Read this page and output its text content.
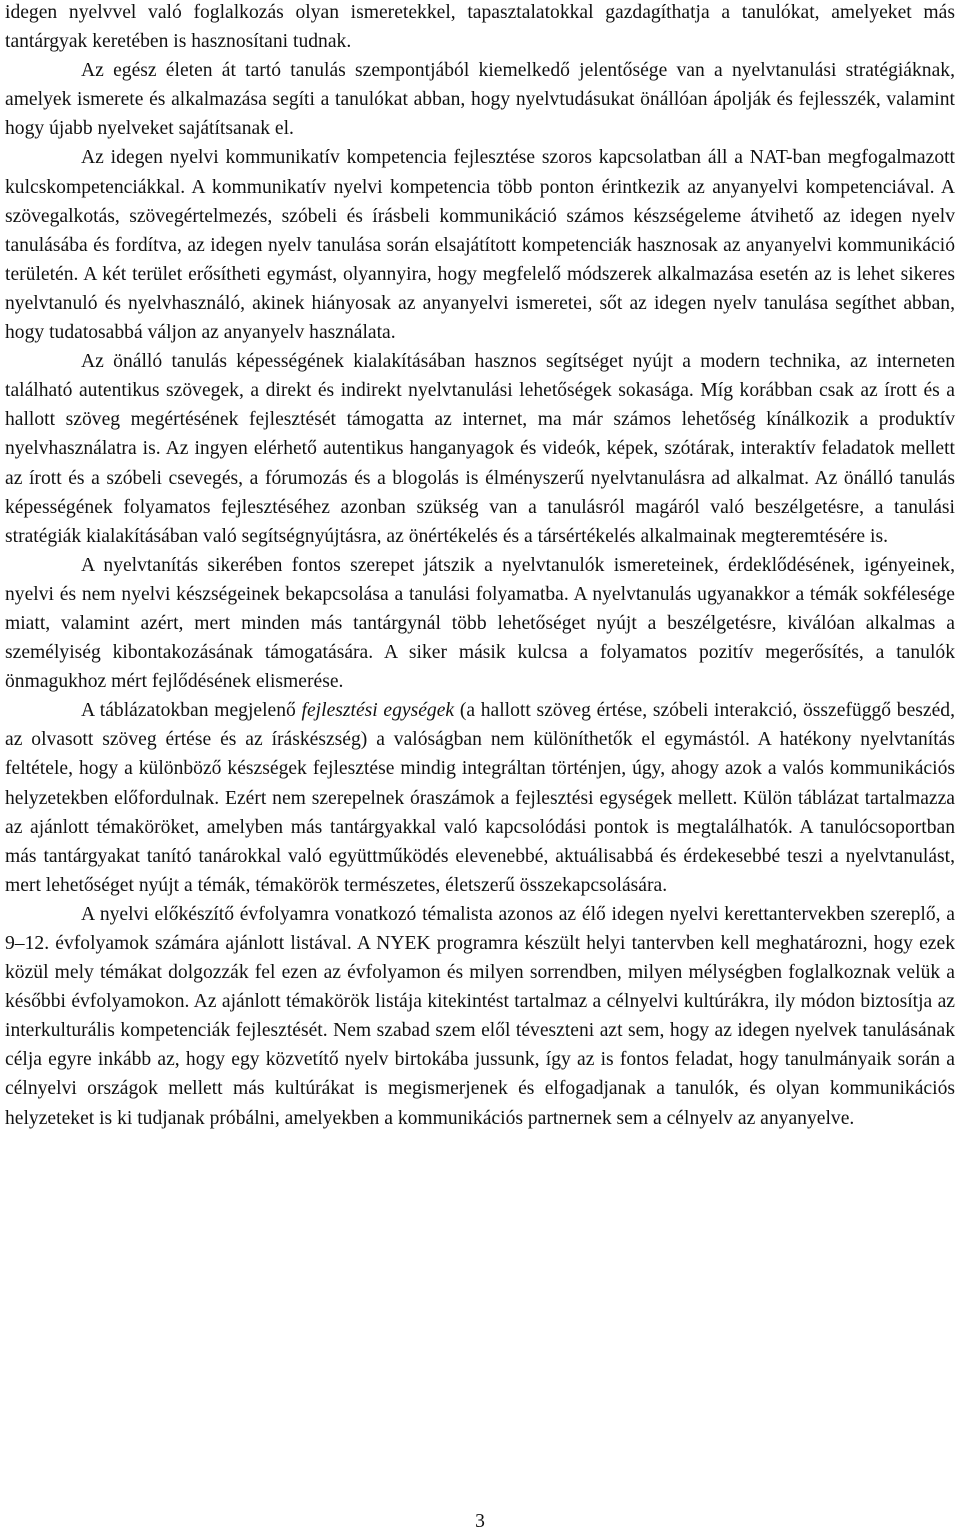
idegen nyelvvel való foglalkozás olyan ismeretekkel, tapasztalatokkal gazdagíthatja a tanulókat, amelyeket más tantárgyak keretében is hasznosítani tudnak.

Az egész életen át tartó tanulás szempontjából kiemelkedő jelentősége van a nyelvtanulási stratégiáknak, amelyek ismerete és alkalmazása segíti a tanulókat abban, hogy nyelvtudásukat önállóan ápolják és fejlesszék, valamint hogy újabb nyelveket sajátítsanak el.

Az idegen nyelvi kommunikatív kompetencia fejlesztése szoros kapcsolatban áll a NAT-ban megfogalmazott kulcskompetenciákkal. A kommunikatív nyelvi kompetencia több ponton érintkezik az anyanyelvi kompetenciával. A szövegalkotás, szövegértelmezés, szóbeli és írásbeli kommunikáció számos készségeleme átvihető az idegen nyelv tanulásába és fordítva, az idegen nyelv tanulása során elsajátított kompetenciák hasznosak az anyanyelvi kommunikáció területén. A két terület erősítheti egymást, olyannyira, hogy megfelelő módszerek alkalmazása esetén az is lehet sikeres nyelvtanuló és nyelvhasználó, akinek hiányosak az anyanyelvi ismeretei, sőt az idegen nyelv tanulása segíthet abban, hogy tudatosabbá váljon az anyanyelv használata.

Az önálló tanulás képességének kialakításában hasznos segítséget nyújt a modern technika, az interneten található autentikus szövegek, a direkt és indirekt nyelvtanulási lehetőségek sokasága. Míg korábban csak az írott és a hallott szöveg megértésének fejlesztését támogatta az internet, ma már számos lehetőség kínálkozik a produktív nyelvhasználatra is. Az ingyen elérhető autentikus hanganyagok és videók, képek, szótárak, interaktív feladatok mellett az írott és a szóbeli csevegés, a fórumozás és a blogolás is élményszerű nyelvtanulásra ad alkalmat. Az önálló tanulás képességének folyamatos fejlesztéséhez azonban szükség van a tanulásról magáról való beszélgetésre, a tanulási stratégiák kialakításában való segítségnyújtásra, az önértékelés és a társértékelés alkalmainak megteremtésére is.

A nyelvtanítás sikerében fontos szerepet játszik a nyelvtanulók ismereteinek, érdeklődésének, igényeinek, nyelvi és nem nyelvi készségeinek bekapcsolása a tanulási folyamatba. A nyelvtanulás ugyanakkor a témák sokfélesége miatt, valamint azért, mert minden más tantárgynál több lehetőséget nyújt a beszélgetésre, kiválóan alkalmas a személyiség kibontakozásának támogatására. A siker másik kulcsa a folyamatos pozitív megerősítés, a tanulók önmagukhoz mért fejlődésének elismerése.

A táblázatokban megjelenő fejlesztési egységek (a hallott szöveg értése, szóbeli interakció, összefüggő beszéd, az olvasott szöveg értése és az íráskészség) a valóságban nem különíthetők el egymástól. A hatékony nyelvtanítás feltétele, hogy a különböző készségek fejlesztése mindig integráltan történjen, úgy, ahogy azok a valós kommunikációs helyzetekben előfordulnak. Ezért nem szerepelnek óraszámok a fejlesztési egységek mellett. Külön táblázat tartalmazza az ajánlott témaköröket, amelyben más tantárgyakkal való kapcsolódási pontok is megtalálhatók. A tanulócsoportban más tantárgyakat tanító tanárokkal való együttműködés elevenebbé, aktuálisabbá és érdekesebbé teszi a nyelvtanulást, mert lehetőséget nyújt a témák, témakörök természetes, életszerű összekapcsolására.

A nyelvi előkészítő évfolyamra vonatkozó témalista azonos az élő idegen nyelvi kerettantervekben szereplő, a 9–12. évfolyamok számára ajánlott listával. A NYEK programra készült helyi tantervben kell meghatározni, hogy ezek közül mely témákat dolgozzák fel ezen az évfolyamon és milyen sorrendben, milyen mélységben foglalkoznak velük a későbbi évfolyamokon. Az ajánlott témakörök listája kitekintést tartalmaz a célnyelvi kultúrákra, ily módon biztosítja az interkulturális kompetenciák fejlesztését. Nem szabad szem elől téveszteni azt sem, hogy az idegen nyelvek tanulásának célja egyre inkább az, hogy egy közvetítő nyelv birtokába jussunk, így az is fontos feladat, hogy tanulmányaik során a célnyelvi országok mellett más kultúrákat is megismerjenek és elfogadjanak a tanulók, és olyan kommunikációs helyzeteket is ki tudjanak próbálni, amelyekben a kommunikációs partnernek sem a célnyelv az anyanyelve.

3
